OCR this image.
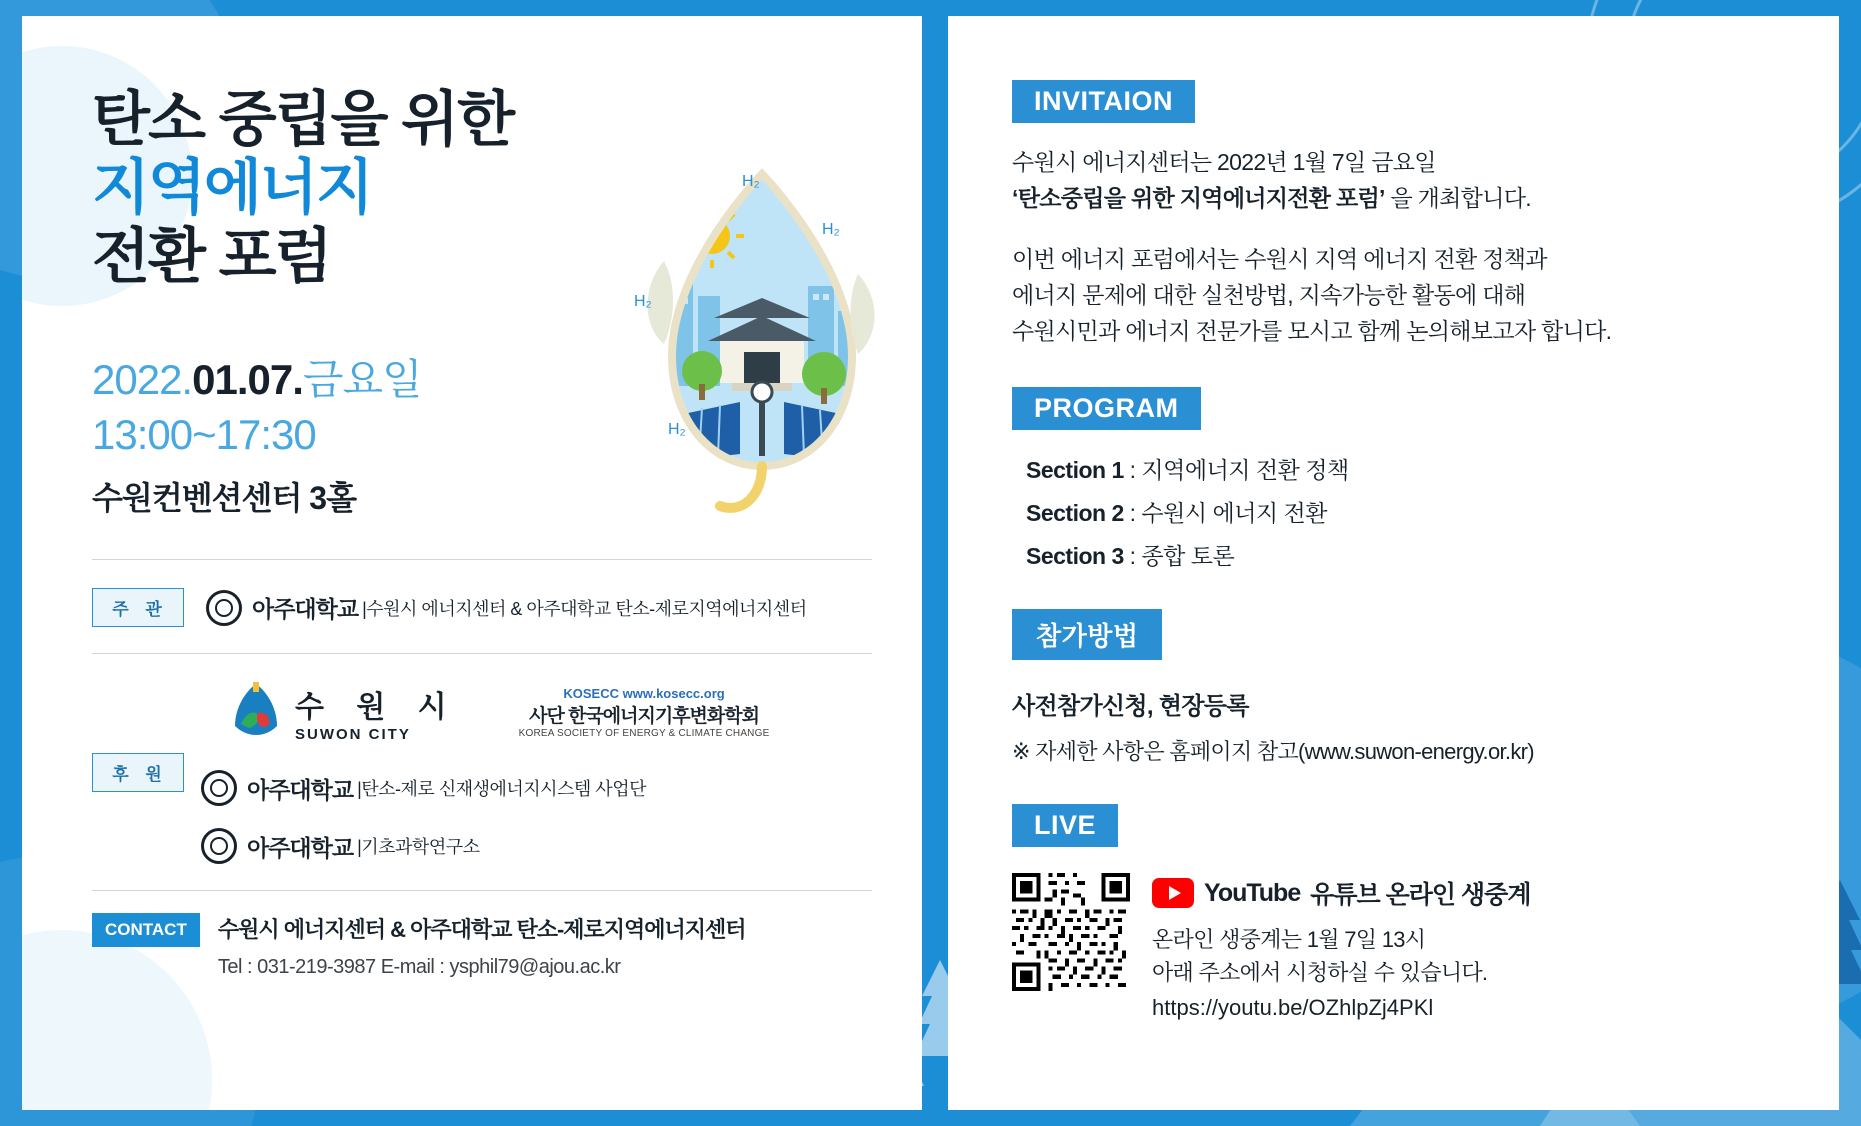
탄소 중립을 위한
지역에너지
전환 포럼
H₂
H₂
H₂
H₂
2022.01.07.금요일
13:00~17:30
수원컨벤션센터 3홀
주 관	아주대학교 |수원시 에너지센터 & 아주대학교 탄소-제로지역에너지센터
후 원
수 원 시
SUWON CITY
KOSECC www.kosecc.org
사단 한국에너지기후변화학회
KOREA SOCIETY OF ENERGY & CLIMATE CHANGE
아주대학교 |탄소-제로 신재생에너지시스템 사업단
아주대학교 |기초과학연구소
CONTACT	수원시 에너지센터 & 아주대학교 탄소-제로지역에너지센터
Tel : 031-219-3987 E-mail : ysphil79@ajou.ac.kr
INVITAION
수원시 에너지센터는 2022년 1월 7일 금요일
‘탄소중립을 위한 지역에너지전환 포럼’ 을 개최합니다.
이번 에너지 포럼에서는 수원시 지역 에너지 전환 정책과
에너지 문제에 대한 실천방법, 지속가능한 활동에 대해
수원시민과 에너지 전문가를 모시고 함께 논의해보고자 합니다.
PROGRAM
Section 1 : 지역에너지 전환 정책
Section 2 : 수원시 에너지 전환
Section 3 : 종합 토론
참가방법
사전참가신청, 현장등록
※ 자세한 사항은 홈페이지 참고(www.suwon-energy.or.kr)
LIVE
YouTube 유튜브 온라인 생중계
온라인 생중계는 1월 7일 13시
아래 주소에서 시청하실 수 있습니다.
https://youtu.be/OZhlpZj4PKl
